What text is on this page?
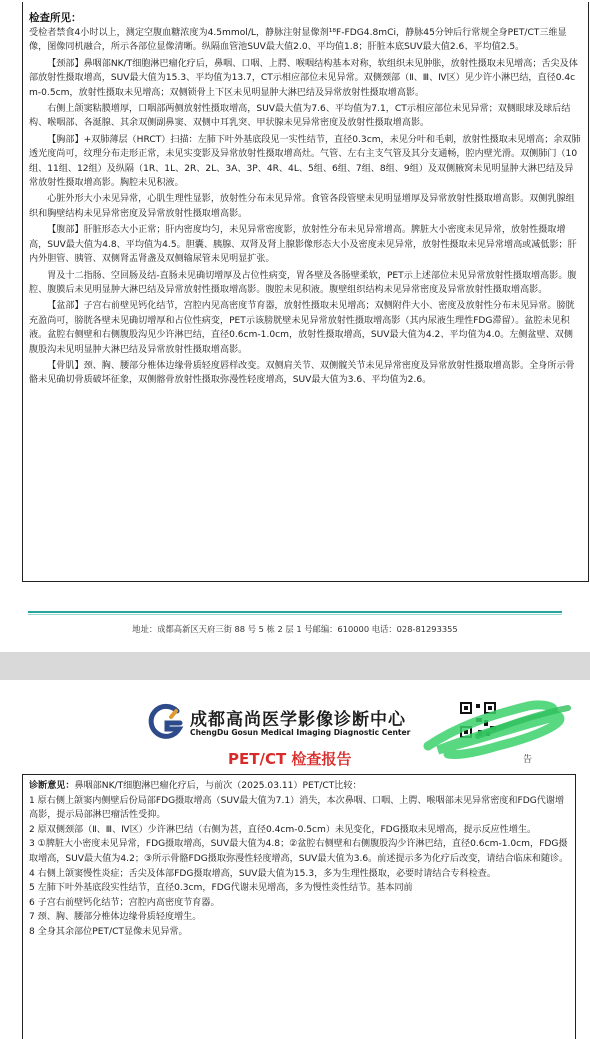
检查所见：

受检者禁食4小时以上，测定空腹血糖浓度为4.5mmol/L，静脉注射显像剂¹⁸F-FDG4.8mCi，静脉45分钟后行常规全身PET/CT三维显像，图像同机融合，所示各部位显像清晰。纵隔血管池SUV最大值2.0、平均值1.8；肝脏本底SUV最大值2.6、平均值2.5。

【颈部】鼻咽部NK/T细胞淋巴瘤化疗后，鼻咽、口咽、上腭、喉咽结构基本对称，软组织未见肿胀，放射性摄取未见增高；舌尖及体部放射性摄取增高，SUV最大值为15.3、平均值为13.7，CT示相应部位未见异常。双侧颈部（Ⅱ、Ⅲ、Ⅳ区）见少许小淋巴结，直径0.4cm-0.5cm，放射性摄取未见增高；双侧锁骨上下区未见明显肿大淋巴结及异常放射性摄取增高影。

右侧上颌窦粘膜增厚，口咽部两侧放射性摄取增高，SUV最大值为7.6、平均值为7.1，CT示相应部位未见异常；双侧眼球及球后结构、喉咽部、各涎腺、其余双侧副鼻窦、双侧中耳乳突、甲状腺未见异常密度及放射性摄取增高影。

【胸部】+双肺薄层（HRCT）扫描：左肺下叶外基底段见一实性结节，直径0.3cm，未见分叶和毛刺，放射性摄取未见增高；余双肺透光度尚可，纹理分布走形正常，未见实变影及异常放射性摄取增高灶。气管、左右主支气管及其分支通畅，腔内壁光滑。双侧肺门（10组、11组、12组）及纵隔（1R、1L、2R、2L、3A、3P、4R、4L、5组、6组、7组、8组、9组）及双侧腋窝未见明显肿大淋巴结及异常放射性摄取增高影。胸腔未见积液。

心脏外形大小未见异常，心肌生理性显影，放射性分布未见异常。食管各段管壁未见明显增厚及异常放射性摄取增高影。双侧乳腺组织和胸壁结构未见异常密度及异常放射性摄取增高影。

【腹部】肝脏形态大小正常；肝内密度均匀，未见异常密度影，放射性分布未见异常增高。脾脏大小密度未见异常，放射性摄取增高，SUV最大值为4.8、平均值为4.5。胆囊、胰腺、双肾及肾上腺影像形态大小及密度未见异常，放射性摄取未见异常增高或减低影；肝内外胆管、胰管、双侧肾盂肾盏及双侧输尿管未见明显扩张。

胃及十二指肠、空回肠及结-直肠未见确切增厚及占位性病变，胃各壁及各肠壁柔软，PET示上述部位未见异常放射性摄取增高影。腹腔、腹膜后未见明显肿大淋巴结及异常放射性摄取增高影。腹腔未见积液。腹壁组织结构未见异常密度及异常放射性摄取增高影。

【盆部】子宫右前壁见钙化结节，宫腔内见高密度节育器，放射性摄取未见增高；双侧附件大小、密度及放射性分布未见异常。膀胱充盈尚可，膀胱各壁未见确切增厚和占位性病变，PET示该膀胱壁未见异常放射性摄取增高影（其内尿液生理性FDG滞留）。盆腔未见积液。盆腔右侧壁和右侧腹股沟见少许淋巴结，直径0.6cm-1.0cm，放射性摄取增高，SUV最大值为4.2、平均值为4.0。左侧盆壁、双侧腹股沟未见明显肿大淋巴结及异常放射性摄取增高影。

【骨肌】颈、胸、腰部分椎体边缘骨质轻度唇样改变。双侧肩关节、双侧髋关节未见异常密度及异常放射性摄取增高影。全身所示骨骼未见确切骨质破坏征象，双侧髂骨放射性摄取弥漫性轻度增高，SUV最大值为3.6、平均值为2.6。

地址：成都高新区天府三街 88 号 5 栋 2 层 1 号邮编：610000 电话：028-81293355
成都高尚医学影像诊断中心
ChengDu Gosun Medical Imaging Diagnostic Center
PET/CT 检查报告	告

诊断意见：鼻咽部NK/T细胞淋巴瘤化疗后，与前次（2025.03.11）PET/CT比较：

1 原右侧上颌窦内侧壁后份局部FDG摄取增高（SUV最大值为7.1）消失，本次鼻咽、口咽、上腭、喉咽部未见异常密度和FDG代谢增高影，提示局部淋巴瘤活性受抑。

2 原双侧颈部（Ⅱ、Ⅲ、Ⅳ区）少许淋巴结（右侧为甚，直径0.4cm-0.5cm）未见变化，FDG摄取未见增高，提示反应性增生。

3 ①脾脏大小密度未见异常，FDG摄取增高，SUV最大值为4.8；②盆腔右侧壁和右侧腹股沟少许淋巴结，直径0.6cm-1.0cm，FDG摄取增高，SUV最大值为4.2；③所示骨骼FDG摄取弥漫性轻度增高，SUV最大值为3.6。前述提示多为化疗后改变，请结合临床和随诊。

4 右侧上颌窦慢性炎症；舌尖及体部FDG摄取增高，SUV最大值为15.3，多为生理性摄取，必要时请结合专科检查。

5 左肺下叶外基底段实性结节，直径0.3cm，FDG代谢未见增高，多为慢性炎性结节。基本同前

6 子宫右前壁钙化结节；宫腔内高密度节育器。

7 颈、胸、腰部分椎体边缘骨质轻度增生。

8 全身其余部位PET/CT显像未见异常。
